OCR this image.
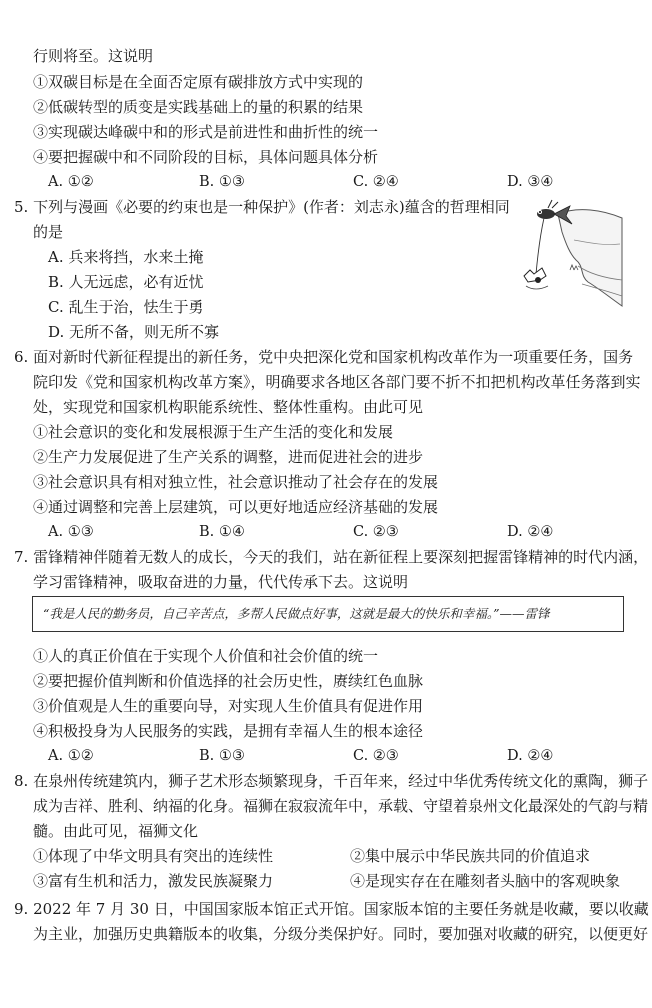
行则将至。这说明
①双碳目标是在全面否定原有碳排放方式中实现的
②低碳转型的质变是实践基础上的量的积累的结果
③实现碳达峰碳中和的形式是前进性和曲折性的统一
④要把握碳中和不同阶段的目标，具体问题具体分析
A. ①②	B. ①③	C. ②④	D. ③④
5. 下列与漫画《必要的约束也是一种保护》(作者：刘志永)蕴含的哲理相同
的是
A. 兵来将挡，水来土掩
B. 人无远虑，必有近忧
C. 乱生于治，怯生于勇
D. 无所不备，则无所不寡
6. 面对新时代新征程提出的新任务，党中央把深化党和国家机构改革作为一项重要任务，国务
院印发《党和国家机构改革方案》，明确要求各地区各部门要不折不扣把机构改革任务落到实
处，实现党和国家机构职能系统性、整体性重构。由此可见
①社会意识的变化和发展根源于生产生活的变化和发展
②生产力发展促进了生产关系的调整，进而促进社会的进步
③社会意识具有相对独立性，社会意识推动了社会存在的发展
④通过调整和完善上层建筑，可以更好地适应经济基础的发展
A. ①③	B. ①④	C. ②③	D. ②④
7. 雷锋精神伴随着无数人的成长，今天的我们，站在新征程上要深刻把握雷锋精神的时代内涵，
学习雷锋精神，吸取奋进的力量，代代传承下去。这说明
“我是人民的勤务员，自己辛苦点，多帮人民做点好事，这就是最大的快乐和幸福。”——雷锋
①人的真正价值在于实现个人价值和社会价值的统一
②要把握价值判断和价值选择的社会历史性，赓续红色血脉
③价值观是人生的重要向导，对实现人生价值具有促进作用
④积极投身为人民服务的实践，是拥有幸福人生的根本途径
A. ①②	B. ①③	C. ②③	D. ②④
8. 在泉州传统建筑内，狮子艺术形态频繁现身，千百年来，经过中华优秀传统文化的熏陶，狮子
成为吉祥、胜利、纳福的化身。福狮在寂寂流年中，承载、守望着泉州文化最深处的气韵与精
髓。由此可见，福狮文化
①体现了中华文明具有突出的连续性	②集中展示中华民族共同的价值追求
③富有生机和活力，激发民族凝聚力	④是现实存在在雕刻者头脑中的客观映象
9. 2022 年 7 月 30 日，中国国家版本馆正式开馆。国家版本馆的主要任务就是收藏，要以收藏
为主业，加强历史典籍版本的收集，分级分类保护好。同时，要加强对收藏的研究，以便更好
